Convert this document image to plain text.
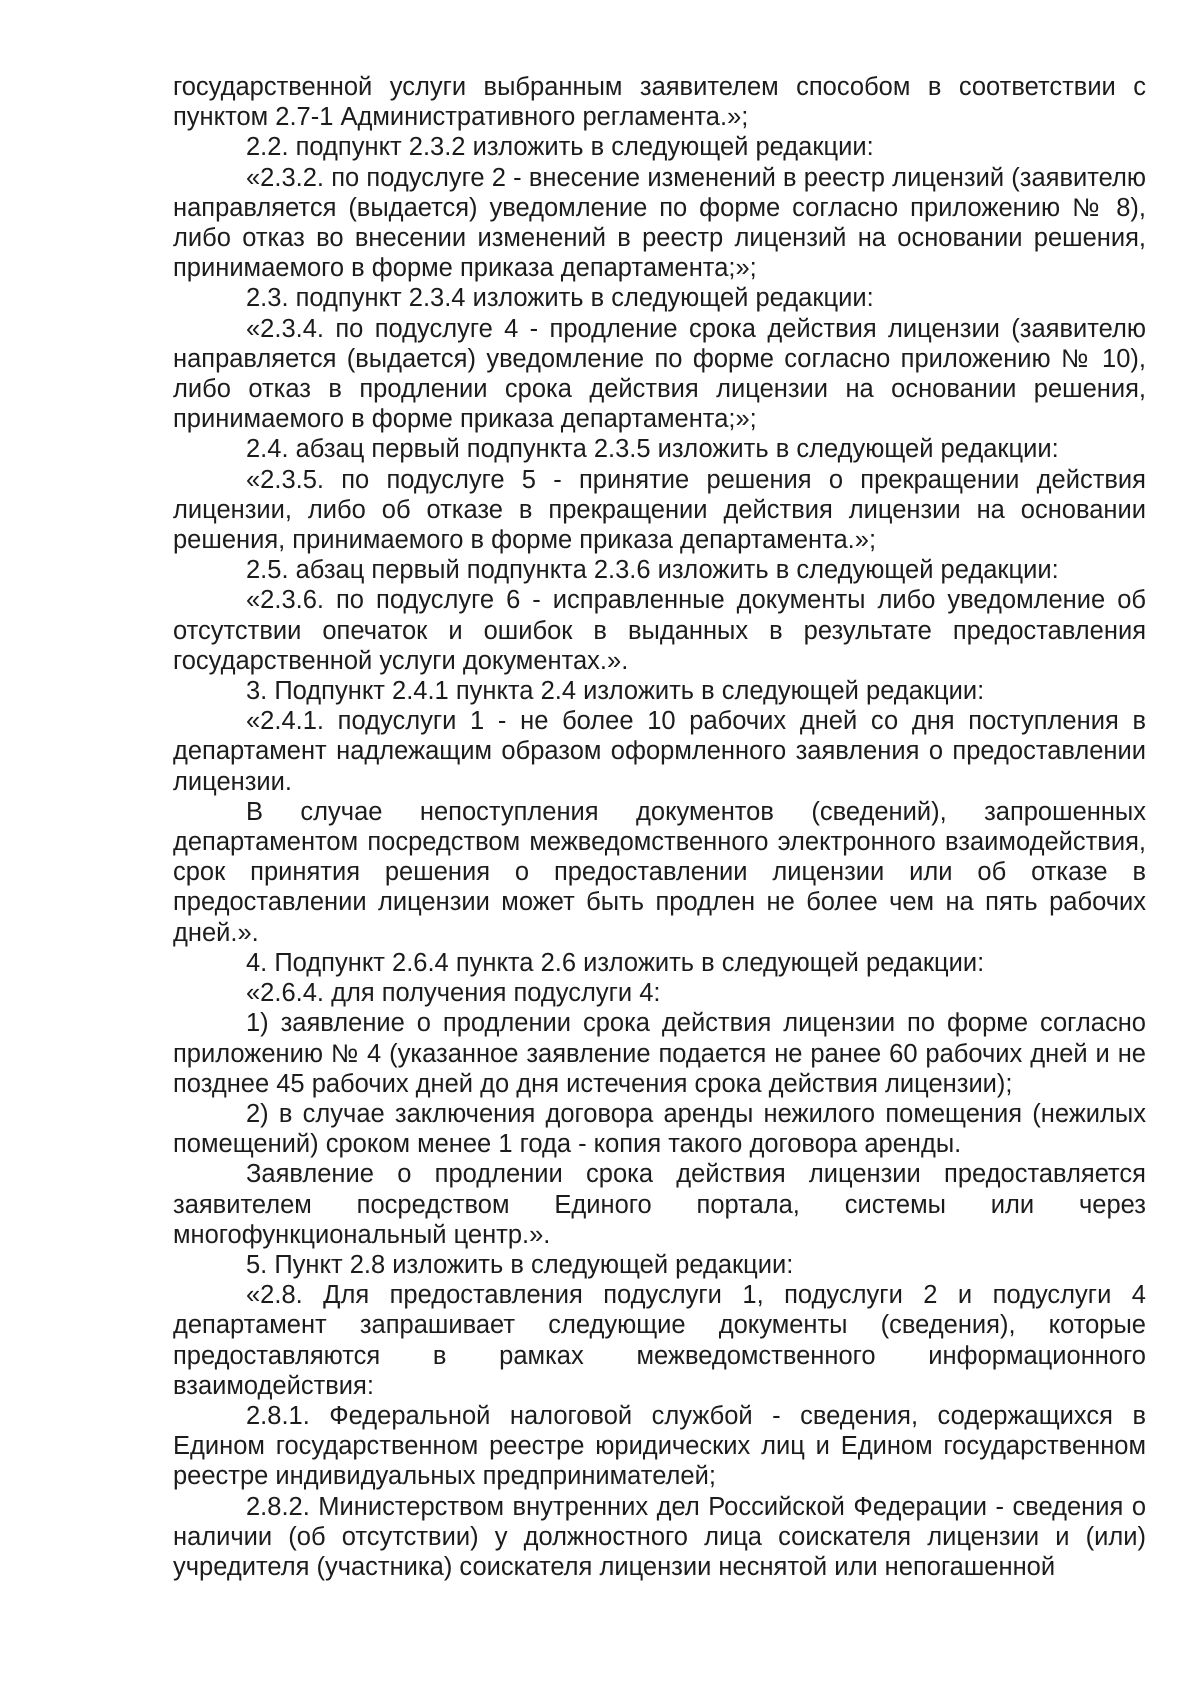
государственной услуги выбранным заявителем способом в соответствии с пунктом 2.7-1 Административного регламента.»;

2.2. подпункт 2.3.2 изложить в следующей редакции:

«2.3.2. по подуслуге 2 - внесение изменений в реестр лицензий (заявителю направляется (выдается) уведомление по форме согласно приложению № 8), либо отказ во внесении изменений в реестр лицензий на основании решения, принимаемого в форме приказа департамента;»;

2.3. подпункт 2.3.4 изложить в следующей редакции:

«2.3.4. по подуслуге 4 - продление срока действия лицензии (заявителю направляется (выдается) уведомление по форме согласно приложению № 10), либо отказ в продлении срока действия лицензии на основании решения, принимаемого в форме приказа департамента;»;

2.4. абзац первый подпункта 2.3.5 изложить в следующей редакции:

«2.3.5. по подуслуге 5 - принятие решения о прекращении действия лицензии, либо об отказе в прекращении действия лицензии на основании решения, принимаемого в форме приказа департамента.»;

2.5. абзац первый подпункта 2.3.6 изложить в следующей редакции:

«2.3.6. по подуслуге 6 - исправленные документы либо уведомление об отсутствии опечаток и ошибок в выданных в результате предоставления государственной услуги документах.».

3. Подпункт 2.4.1 пункта 2.4 изложить в следующей редакции:

«2.4.1. подуслуги 1 - не более 10 рабочих дней со дня поступления в департамент надлежащим образом оформленного заявления о предоставлении лицензии.

В случае непоступления документов (сведений), запрошенных департаментом посредством межведомственного электронного взаимодействия, срок принятия решения о предоставлении лицензии или об отказе в предоставлении лицензии может быть продлен не более чем на пять рабочих дней.».

4. Подпункт 2.6.4 пункта 2.6 изложить в следующей редакции:

«2.6.4. для получения подуслуги 4:

1) заявление о продлении срока действия лицензии по форме согласно приложению № 4 (указанное заявление подается не ранее 60 рабочих дней и не позднее 45 рабочих дней до дня истечения срока действия лицензии);

2) в случае заключения договора аренды нежилого помещения (нежилых помещений) сроком менее 1 года - копия такого договора аренды.

Заявление о продлении срока действия лицензии предоставляется заявителем посредством Единого портала, системы или через многофункциональный центр.».

5. Пункт 2.8 изложить в следующей редакции:

«2.8. Для предоставления подуслуги 1, подуслуги 2 и подуслуги 4 департамент запрашивает следующие документы (сведения), которые предоставляются в рамках межведомственного информационного взаимодействия:

2.8.1. Федеральной налоговой службой - сведения, содержащихся в Едином государственном реестре юридических лиц и Едином государственном реестре индивидуальных предпринимателей;

2.8.2. Министерством внутренних дел Российской Федерации - сведения о наличии (об отсутствии) у должностного лица соискателя лицензии и (или) учредителя (участника) соискателя лицензии неснятой или непогашенной
